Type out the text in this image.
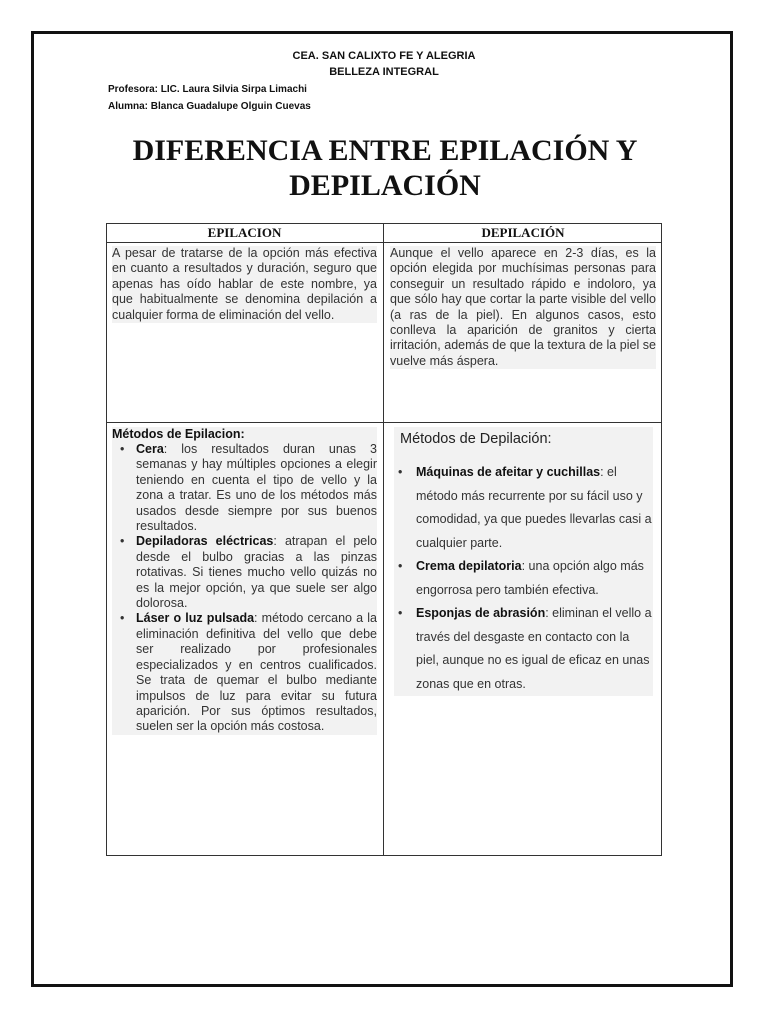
CEA. SAN CALIXTO FE Y ALEGRIA
BELLEZA INTEGRAL
Profesora: LIC. Laura Silvia Sirpa Limachi
Alumna: Blanca Guadalupe Olguin Cuevas
DIFERENCIA ENTRE EPILACIÓN Y DEPILACIÓN
EPILACION	DEPILACIÓN
A pesar de tratarse de la opción más efectiva en cuanto a resultados y duración, seguro que apenas has oído hablar de este nombre, ya que habitualmente se denomina depilación a cualquier forma de eliminación del vello.
Aunque el vello aparece en 2-3 días, es la opción elegida por muchísimas personas para conseguir un resultado rápido e indoloro, ya que sólo hay que cortar la parte visible del vello (a ras de la piel). En algunos casos, esto conlleva la aparición de granitos y cierta irritación, además de que la textura de la piel se vuelve más áspera.
Métodos de Epilacion:
• Cera: los resultados duran unas 3 semanas y hay múltiples opciones a elegir teniendo en cuenta el tipo de vello y la zona a tratar. Es uno de los métodos más usados desde siempre por sus buenos resultados.
• Depiladoras eléctricas: atrapan el pelo desde el bulbo gracias a las pinzas rotativas. Si tienes mucho vello quizás no es la mejor opción, ya que suele ser algo dolorosa.
• Láser o luz pulsada: método cercano a la eliminación definitiva del vello que debe ser realizado por profesionales especializados y en centros cualificados. Se trata de quemar el bulbo mediante impulsos de luz para evitar su futura aparición. Por sus óptimos resultados, suelen ser la opción más costosa.
Métodos de Depilación:
• Máquinas de afeitar y cuchillas: el método más recurrente por su fácil uso y comodidad, ya que puedes llevarlas casi a cualquier parte.
• Crema depilatoria: una opción algo más engorrosa pero también efectiva.
• Esponjas de abrasión: eliminan el vello a través del desgaste en contacto con la piel, aunque no es igual de eficaz en unas zonas que en otras.
